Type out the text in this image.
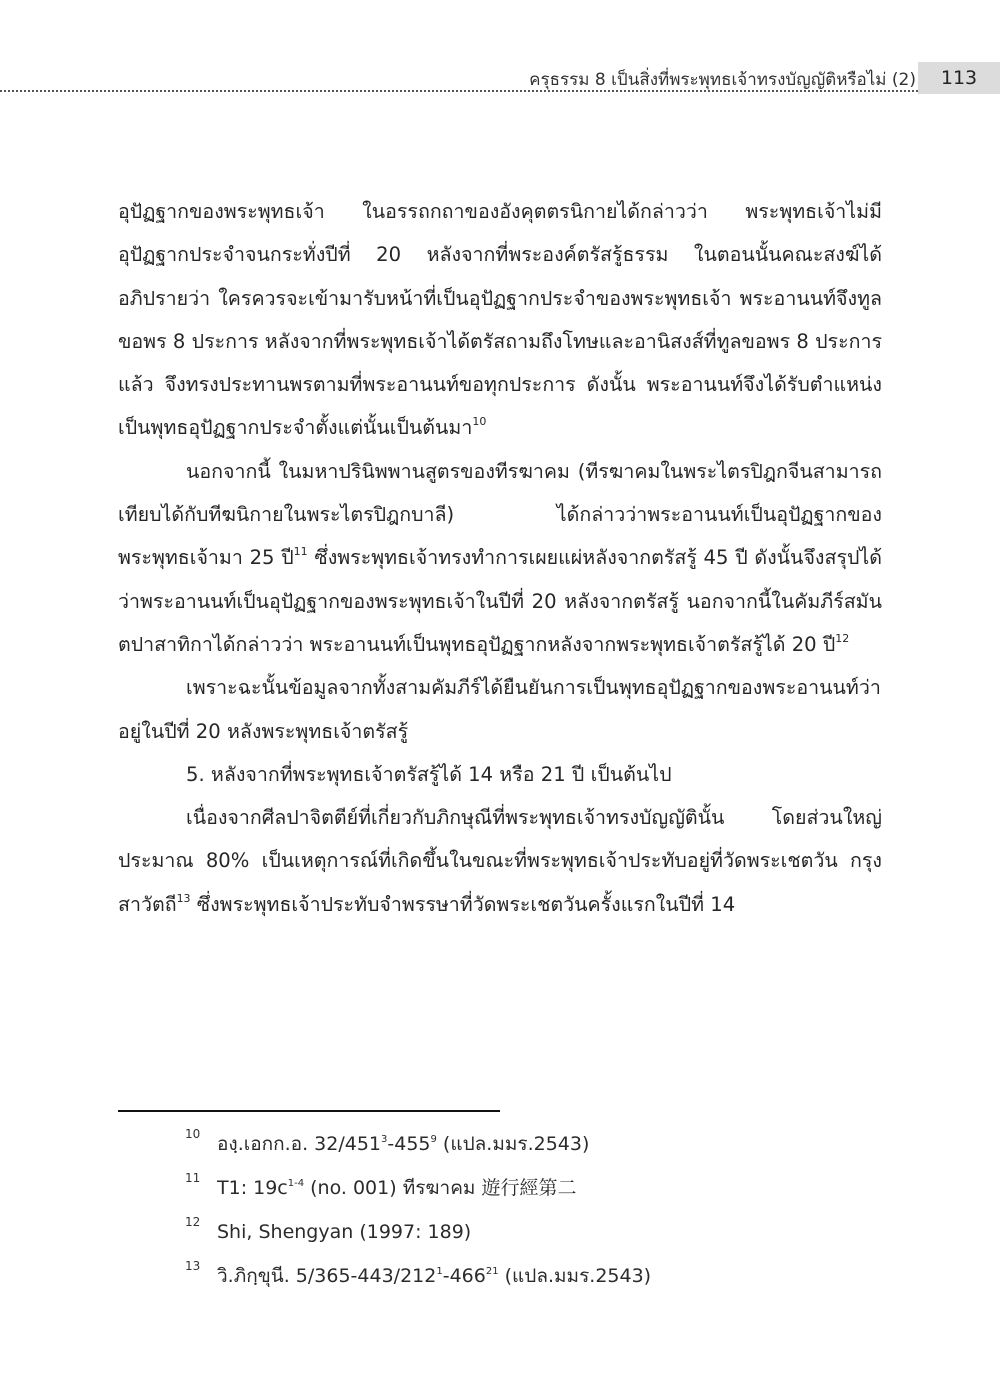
ครุธรรม 8 เป็นสิ่งที่พระพุทธเจ้าทรงบัญญัติหรือไม่ (2)	113

อุปัฏฐากของพระพุทธเจ้า ในอรรถกถาของอังคุตตรนิกายได้กล่าวว่า พระพุทธเจ้าไม่มีอุปัฏฐากประจำจนกระทั่งปีที่ 20 หลังจากที่พระองค์ตรัสรู้ธรรม ในตอนนั้นคณะสงฆ์ได้อภิปรายว่า ใครควรจะเข้ามารับหน้าที่เป็นอุปัฏฐากประจำของพระพุทธเจ้า พระอานนท์จึงทูลขอพร 8 ประการ หลังจากที่พระพุทธเจ้าได้ตรัสถามถึงโทษและอานิสงส์ที่ทูลขอพร 8 ประการแล้ว จึงทรงประทานพรตามที่พระอานนท์ขอทุกประการ ดังนั้น พระอานนท์จึงได้รับตำแหน่งเป็นพุทธอุปัฏฐากประจำตั้งแต่นั้นเป็นต้นมา$^{10}$

นอกจากนี้ ในมหาปรินิพพานสูตรของทีรฆาคม (ทีรฆาคมในพระไตรปิฎกจีนสามารถเทียบได้กับทีฆนิกายในพระไตรปิฎกบาลี) ได้กล่าวว่าพระอานนท์เป็นอุปัฏฐากของพระพุทธเจ้ามา 25 ปี$^{11}$ ซึ่งพระพุทธเจ้าทรงทำการเผยแผ่หลังจากตรัสรู้ 45 ปี ดังนั้นจึงสรุปได้ว่าพระอานนท์เป็นอุปัฏฐากของพระพุทธเจ้าในปีที่ 20 หลังจากตรัสรู้ นอกจากนี้ในคัมภีร์สมันตปาสาทิกาได้กล่าวว่า พระอานนท์เป็นพุทธอุปัฏฐากหลังจากพระพุทธเจ้าตรัสรู้ได้ 20 ปี$^{12}$

เพราะฉะนั้นข้อมูลจากทั้งสามคัมภีร์ได้ยืนยันการเป็นพุทธอุปัฏฐากของพระอานนท์ว่าอยู่ในปีที่ 20 หลังพระพุทธเจ้าตรัสรู้

5. หลังจากที่พระพุทธเจ้าตรัสรู้ได้ 14 หรือ 21 ปี เป็นต้นไป

เนื่องจากศีลปาจิตตีย์ที่เกี่ยวกับภิกษุณีที่พระพุทธเจ้าทรงบัญญัตินั้น โดยส่วนใหญ่ประมาณ 80% เป็นเหตุการณ์ที่เกิดขึ้นในขณะที่พระพุทธเจ้าประทับอยู่ที่วัดพระเชตวัน กรุงสาวัตถี$^{13}$ ซึ่งพระพุทธเจ้าประทับจำพรรษาที่วัดพระเชตวันครั้งแรกในปีที่ 14

10 องฺ.เอกก.อ. $32/451^3-455^9$ (แปล.มมร.2543)
11 T1: $19c^{1-4}$ (no. 001) ทีรฆาคม 遊行經第二
12 Shi, Shengyan (1997: 189)
13 วิ.ภิกฺขุนี. $5/365-443/212^1-466^{21}$ (แปล.มมร.2543)
